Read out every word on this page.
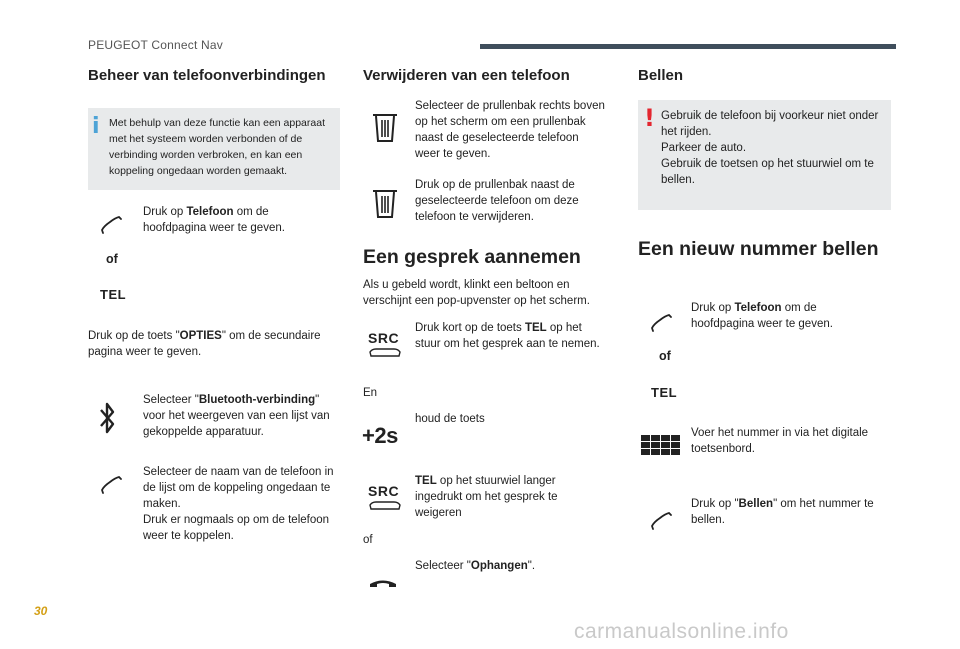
PEUGEOT Connect Nav
Beheer van telefoonverbindingen
i Met behulp van deze functie kan een apparaat met het systeem worden verbonden of de verbinding worden verbroken, en kan een koppeling ongedaan worden gemaakt.
Druk op Telefoon om de hoofdpagina weer te geven.
of
TEL
Druk op de toets "OPTIES" om de secundaire pagina weer te geven.
Selecteer "Bluetooth-verbinding" voor het weergeven van een lijst van gekoppelde apparatuur.
Selecteer de naam van de telefoon in de lijst om de koppeling ongedaan te maken.
Druk er nogmaals op om de telefoon weer te koppelen.
Verwijderen van een telefoon
Selecteer de prullenbak rechts boven op het scherm om een prullenbak naast de geselecteerde telefoon weer te geven.
Druk op de prullenbak naast de geselecteerde telefoon om deze telefoon te verwijderen.
Een gesprek aannemen
Als u gebeld wordt, klinkt een beltoon en verschijnt een pop-upvenster op het scherm.
SRC
Druk kort op de toets TEL op het stuur om het gesprek aan te nemen.
En
houd de toets
+2s
SRC
TEL op het stuurwiel langer ingedrukt om het gesprek te weigeren
of
Selecteer "Ophangen".
Bellen
! Gebruik de telefoon bij voorkeur niet onder het rijden.
Parkeer de auto.
Gebruik de toetsen op het stuurwiel om te bellen.
Een nieuw nummer bellen
Druk op Telefoon om de hoofdpagina weer te geven.
of
TEL
Voer het nummer in via het digitale toetsenbord.
Druk op "Bellen" om het nummer te bellen.
30
carmanualsonline.info
